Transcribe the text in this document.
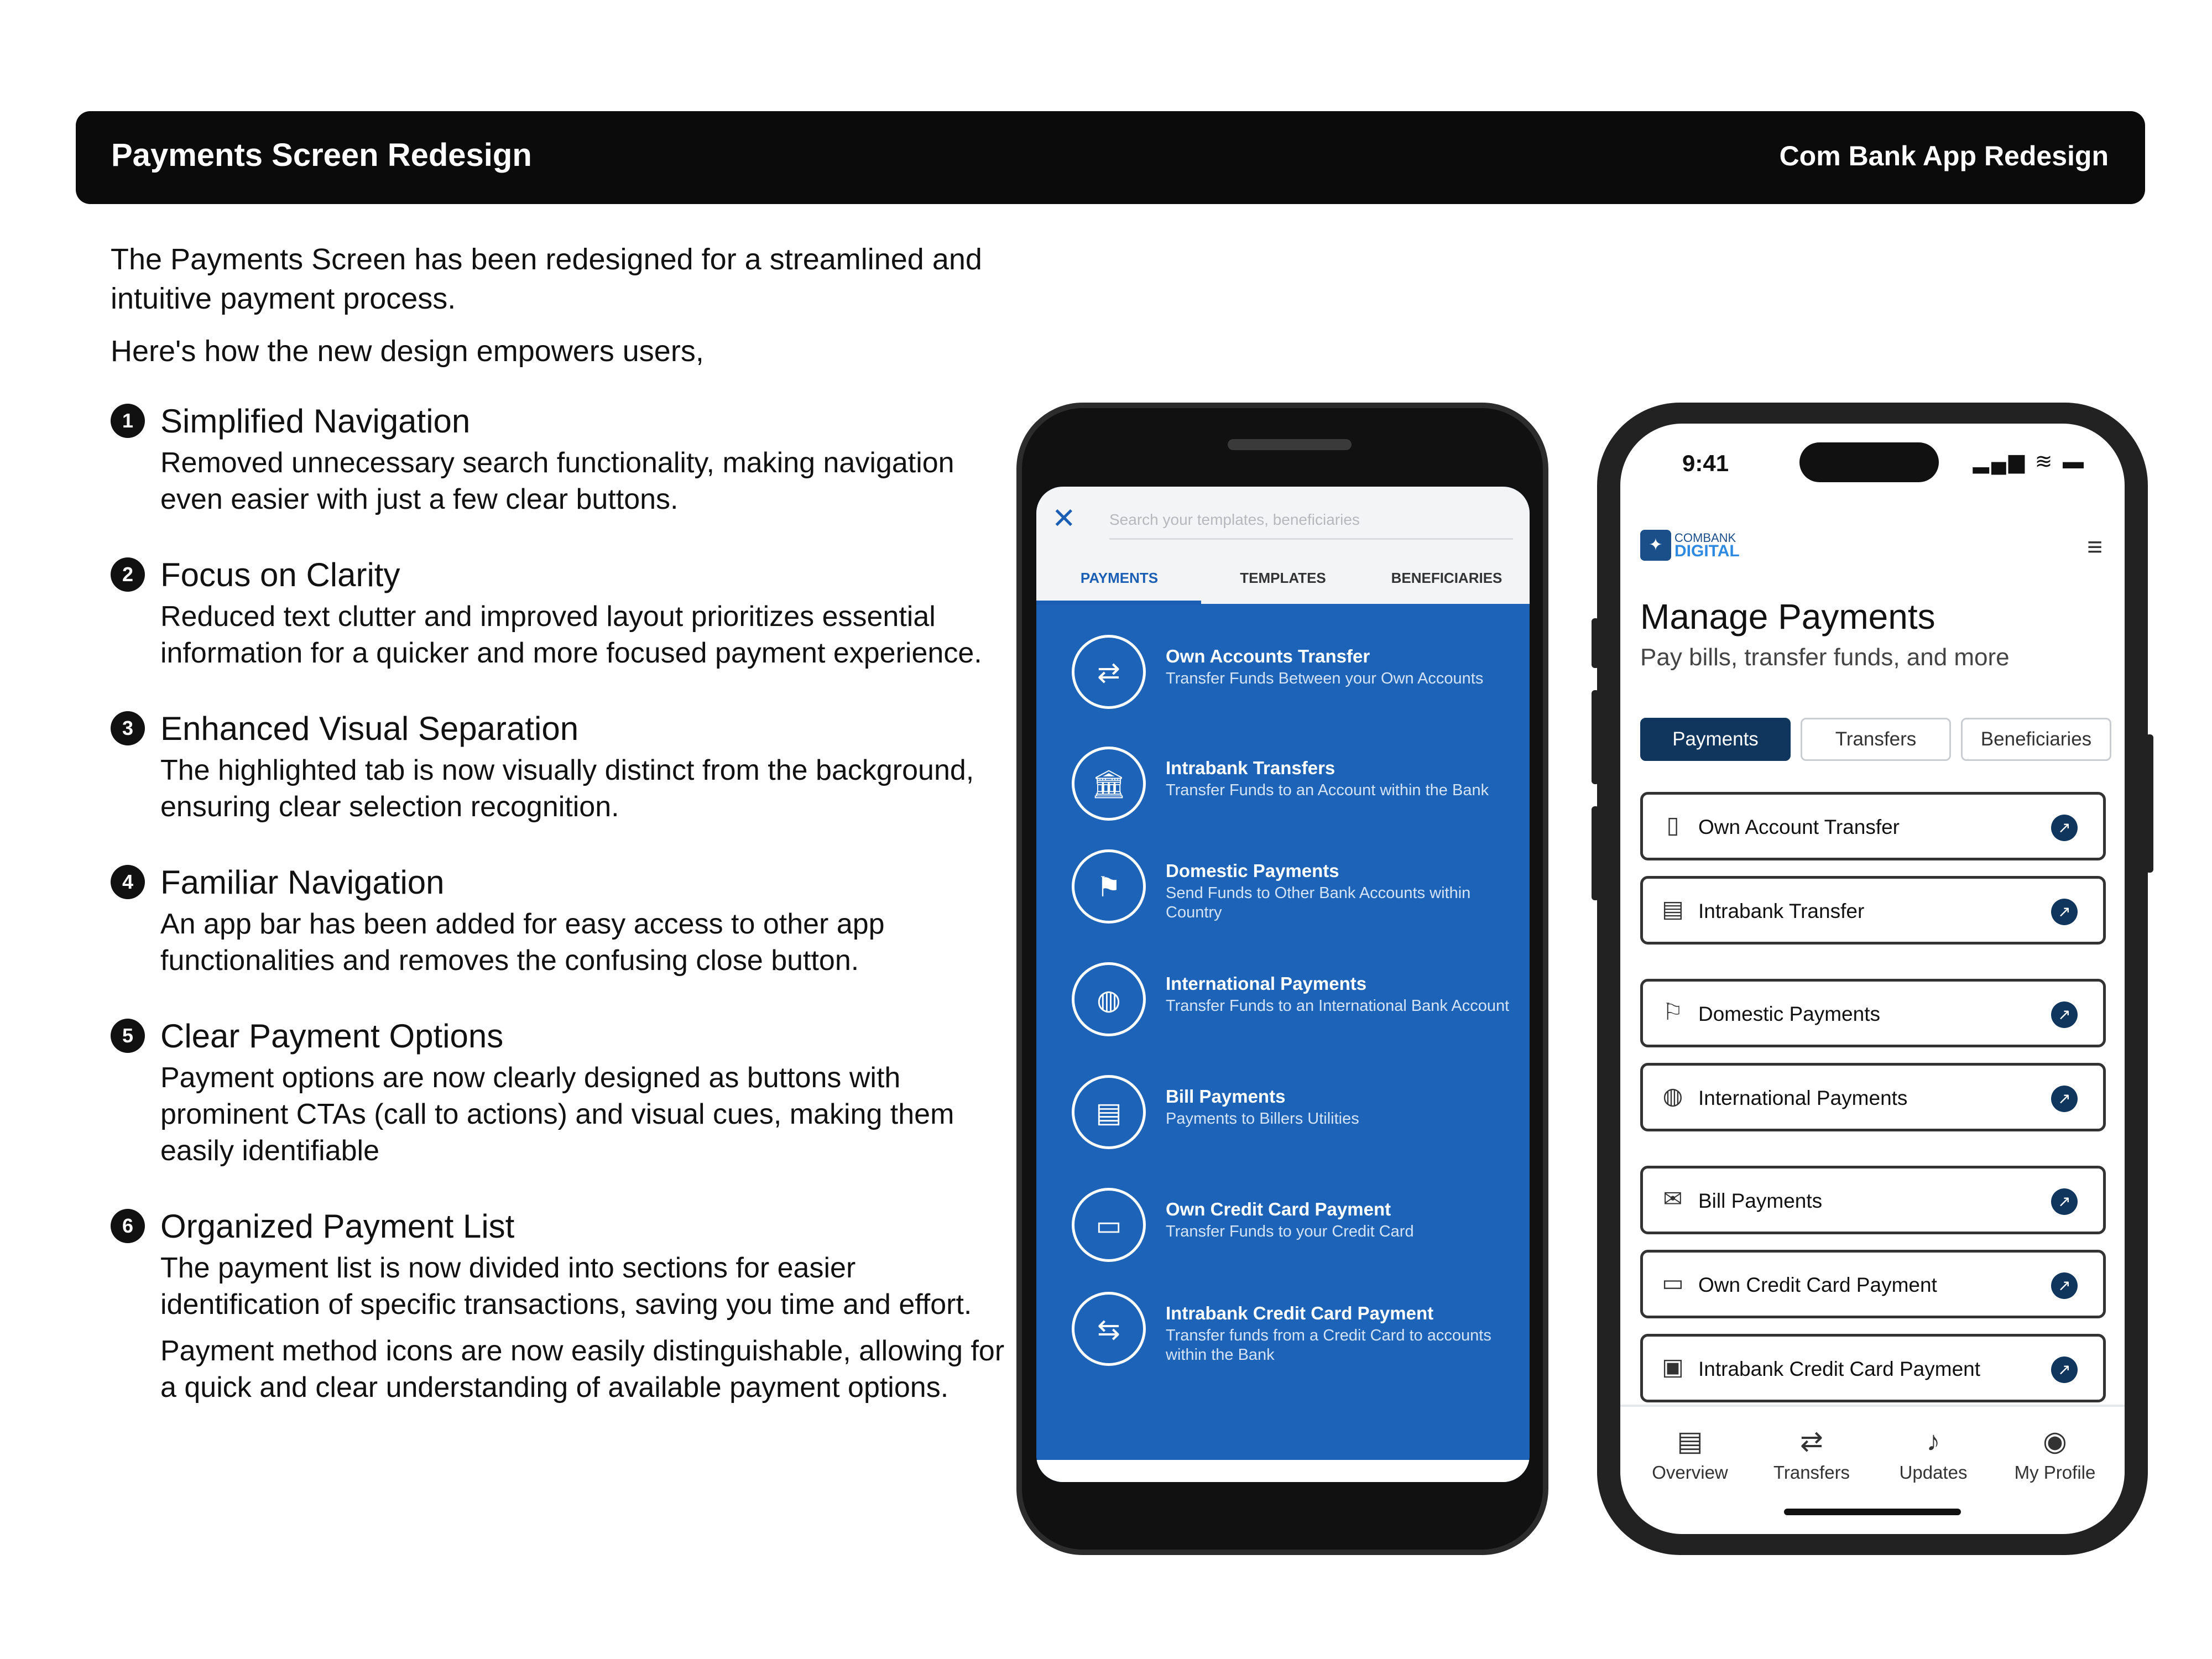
Payments Screen Redesign	Com Bank App Redesign
The Payments Screen has been redesigned for a streamlined and intuitive payment process.
Here's how the new design empowers users,
1 Simplified Navigation
Removed unnecessary search functionality, making navigation even easier with just a few clear buttons.
2 Focus on Clarity
Reduced text clutter and improved layout prioritizes essential information for a quicker and more focused payment experience.
3 Enhanced Visual Separation
The highlighted tab is now visually distinct from the background, ensuring clear selection recognition.
4 Familiar Navigation
An app bar has been added for easy access to other app functionalities and removes the confusing close button.
5 Clear Payment Options
Payment options are now clearly designed as buttons with prominent CTAs (call to actions) and visual cues, making them easily identifiable
6 Organized Payment List
The payment list is now divided into sections for easier identification of specific transactions, saving you time and effort.
Payment method icons are now easily distinguishable, allowing for a quick and clear understanding of available payment options.
✕ Search your templates, beneficiaries
PAYMENTS	TEMPLATES	BENEFICIARIES
⇄
Own Accounts Transfer
Transfer Funds Between your Own Accounts
🏛
Intrabank Transfers
Transfer Funds to an Account within the Bank
⚑
Domestic Payments
Send Funds to Other Bank Accounts within Country
◍
International Payments
Transfer Funds to an International Bank Account
▤
Bill Payments
Payments to Billers Utilities
▭
Own Credit Card Payment
Transfer Funds to your Credit Card
⇆
Intrabank Credit Card Payment
Transfer funds from a Credit Card to accounts within the Bank
9:41	▂▄▆ ≋ ▬
✦ COMBANK
DIGITAL	≡
Manage Payments
Pay bills, transfer funds, and more
Payments	Transfers	Beneficiaries
▯ Own Account Transfer	↗
▤ Intrabank Transfer	↗
⚐ Domestic Payments	↗
◍ International Payments	↗
✉ Bill Payments	↗
▭ Own Credit Card Payment	↗
▣ Intrabank Credit Card Payment	↗
▤
Overview
⇄
Transfers
♪
Updates
◉
My Profile
